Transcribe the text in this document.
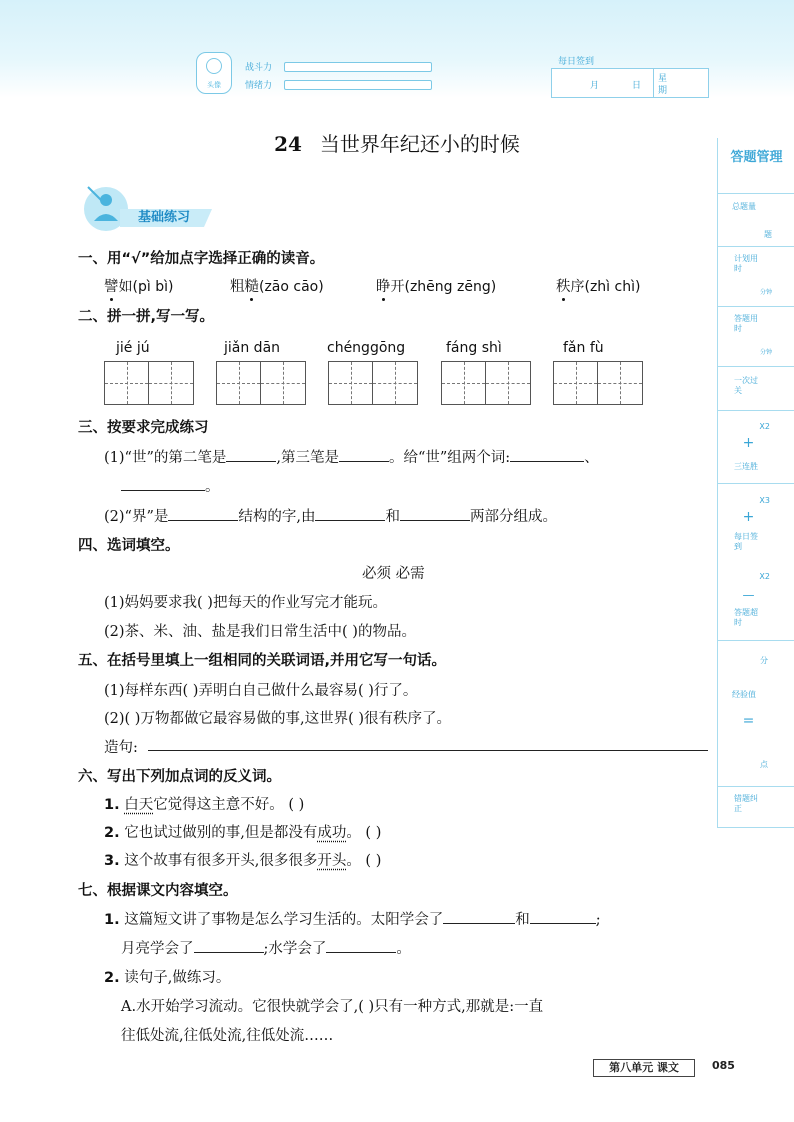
头像
战斗力
情绪力
每日签到
月	日
星
期
答题管理
总题量
题
计划用时
分钟
答题用时
分钟
一次过关
X2
+
三连胜
X3
+
每日签到
X2
—
答题超时
分
经验值
=
点
错题纠正
24 当世界年纪还小的时候
基础练习
一、用“√”给加点字选择正确的读音。
譬如(pì bì)	粗糙(zāo cāo)	睁开(zhēng zēng)	秩序(zhì chì)
二、拼一拼,写一写。
jié jú	jiǎn dān	chénggōng	fáng shì	fǎn fù
三、按要求完成练习
(1)“世”的第二笔是	,第三笔是	。给“世”组两个词:	、
。
(2)“界”是	结构的字,由	和	两部分组成。
四、选词填空。
必须 必需
(1)妈妈要求我( )把每天的作业写完才能玩。
(2)茶、米、油、盐是我们日常生活中( )的物品。
五、在括号里填上一组相同的关联词语,并用它写一句话。
(1)每样东西( )弄明白自己做什么最容易( )行了。
(2)( )万物都做它最容易做的事,这世界( )很有秩序了。
造句:
六、写出下列加点词的反义词。
1. 白天它觉得这主意不好。 ( )
2. 它也试过做别的事,但是都没有成功。 ( )
3. 这个故事有很多开头,很多很多开头。 ( )
七、根据课文内容填空。
1. 这篇短文讲了事物是怎么学习生活的。太阳学会了	和	;
月亮学会了	;水学会了	。
2. 读句子,做练习。
A.水开始学习流动。它很快就学会了,( )只有一种方式,那就是:一直
往低处流,往低处流,往低处流……
第八单元 课文	085
